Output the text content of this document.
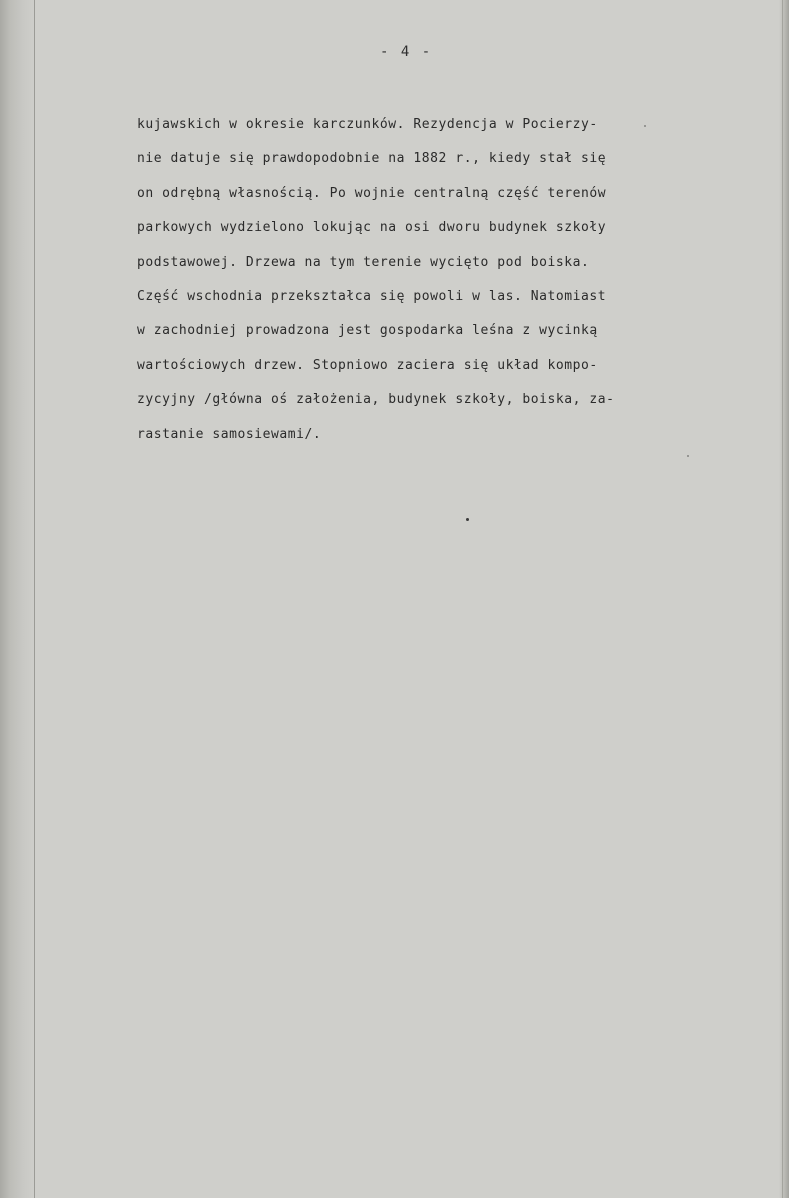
- 4 -
kujawskich w okresie karczunków. Rezydencja w Pocierzy-
nie datuje się prawdopodobnie na 1882 r., kiedy stał się
on odrębną własnością. Po wojnie centralną część terenów
parkowych wydzielono lokując na osi dworu budynek szkoły
podstawowej. Drzewa na tym terenie wycięto pod boiska.
Część wschodnia przekształca się powoli w las. Natomiast
w zachodniej prowadzona jest gospodarka leśna z wycinką
wartościowych drzew. Stopniowo zaciera się układ kompo-
zycyjny /główna oś założenia, budynek szkoły, boiska, za-
rastanie samosiewami/.
